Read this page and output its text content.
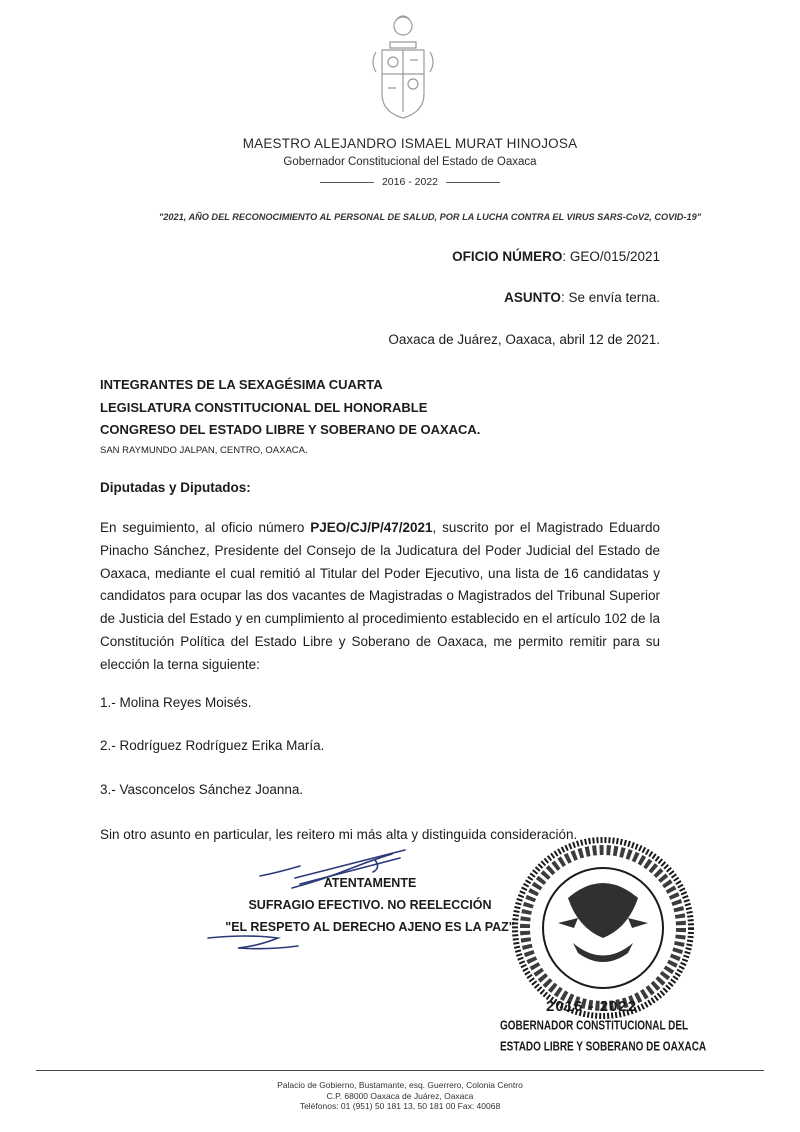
MAESTRO ALEJANDRO ISMAEL MURAT HINOJOSA
Gobernador Constitucional del Estado de Oaxaca
2016 - 2022
"2021, AÑO DEL RECONOCIMIENTO AL PERSONAL DE SALUD, POR LA LUCHA CONTRA EL VIRUS SARS-CoV2, COVID-19"
OFICIO NÚMERO: GEO/015/2021
ASUNTO: Se envía terna.
Oaxaca de Juárez, Oaxaca, abril 12 de 2021.
INTEGRANTES DE LA SEXAGÉSIMA CUARTA
LEGISLATURA CONSTITUCIONAL DEL HONORABLE
CONGRESO DEL ESTADO LIBRE Y SOBERANO DE OAXACA.
SAN RAYMUNDO JALPAN, CENTRO, OAXACA.
Diputadas y Diputados:
En seguimiento, al oficio número PJEO/CJ/P/47/2021, suscrito por el Magistrado Eduardo Pinacho Sánchez, Presidente del Consejo de la Judicatura del Poder Judicial del Estado de Oaxaca, mediante el cual remitió al Titular del Poder Ejecutivo, una lista de 16 candidatas y candidatos para ocupar las dos vacantes de Magistradas o Magistrados del Tribunal Superior de Justicia del Estado y en cumplimiento al procedimiento establecido en el artículo 102 de la Constitución Política del Estado Libre y Soberano de Oaxaca, me permito remitir para su elección la terna siguiente:
1.- Molina Reyes Moisés.
2.- Rodríguez Rodríguez Erika María.
3.- Vasconcelos Sánchez Joanna.
Sin otro asunto en particular, les reitero mi más alta y distinguida consideración.
ATENTAMENTE
SUFRAGIO EFECTIVO. NO REELECCIÓN
"EL RESPETO AL DERECHO AJENO ES LA PAZ"
2016 - 2022
GOBERNADOR CONSTITUCIONAL DEL
ESTADO LIBRE Y SOBERANO DE OAXACA
Palacio de Gobierno, Bustamante, esq. Guerrero, Colonia Centro
C.P. 68000 Oaxaca de Juárez, Oaxaca
Teléfonos: 01 (951) 50 181 13, 50 181 00 Fax: 40068
